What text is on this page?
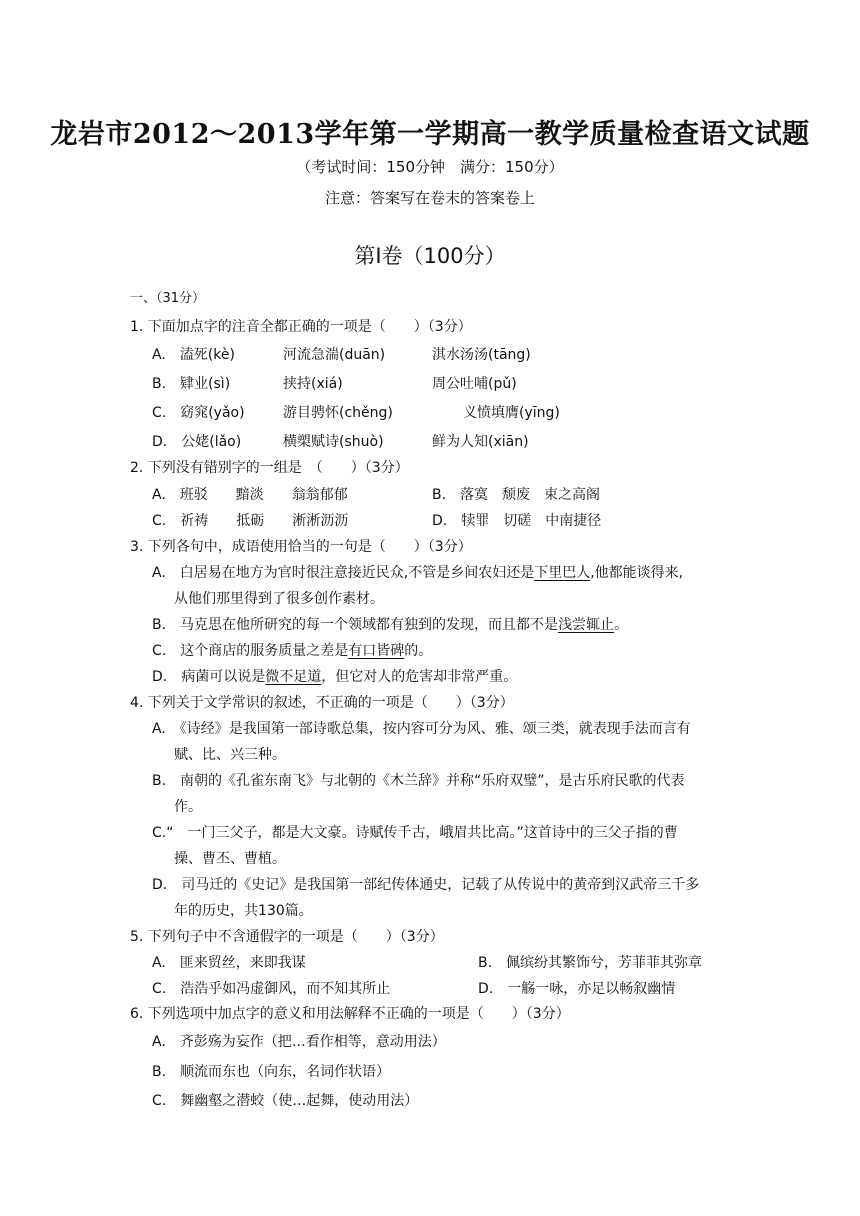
龙岩市2012～2013学年第一学期高一教学质量检查语文试题
（考试时间：150分钟　满分：150分）
注意：答案写在卷末的答案卷上
第Ⅰ卷（100分）
一、（31分）
1. 下面加点字的注音全都正确的一项是（　　）（3分）
A.　溘死(kè)	河流急湍(duān)	淇水汤汤(tāng)
B.　肄业(sì)	挟持(xiá)	周公吐哺(pǔ)
C.　窈窕(yǎo)	游目骋怀(chěng)	义愤填膺(yīng)
D.　公姥(lǎo)	横槊赋诗(shuò)	鲜为人知(xiān)
2. 下列没有错别字的一组是　（　　）（3分）
A.　班驳　　黯淡　　翁翁郁郁	B.　落寞　颓废　束之高阁
C.　祈祷　　抵砺　　淅淅沥沥	D.　犊罪　切磋　中南捷径
3. 下列各句中，成语使用恰当的一句是（　　）（3分）
A.　白居易在地方为官时很注意接近民众,不管是乡间农妇还是下里巴人,他都能谈得来,
从他们那里得到了很多创作素材。
B.　马克思在他所研究的每一个领域都有独到的发现，而且都不是浅尝辄止。
C.　这个商店的服务质量之差是有口皆碑的。
D.　病菌可以说是微不足道，但它对人的危害却非常严重。
4. 下列关于文学常识的叙述，不正确的一项是（　　）（3分）
A.　《诗经》是我国第一部诗歌总集，按内容可分为风、雅、颂三类，就表现手法而言有
赋、比、兴三种。
B.　南朝的《孔雀东南飞》与北朝的《木兰辞》并称“乐府双璧”，是古乐府民歌的代表
作。
C.“　一门三父子，都是大文豪。诗赋传千古，峨眉共比高。”这首诗中的三父子指的曹
操、曹丕、曹植。
D.　司马迁的《史记》是我国第一部纪传体通史，记载了从传说中的黄帝到汉武帝三千多
年的历史，共130篇。
5. 下列句子中不含通假字的一项是（　　）（3分）
A.　匪来贸丝，来即我谋	B.　佩缤纷其繁饰兮，芳菲菲其弥章
C.　浩浩乎如冯虚御风，而不知其所止	D.　一觞一咏，亦足以畅叙幽情
6. 下列选项中加点字的意义和用法解释不正确的一项是（　　）（3分）
A.　齐彭殇为妄作（把…看作相等，意动用法）
B.　顺流而东也（向东，名词作状语）
C.　舞幽壑之潜蛟（使…起舞，使动用法）
